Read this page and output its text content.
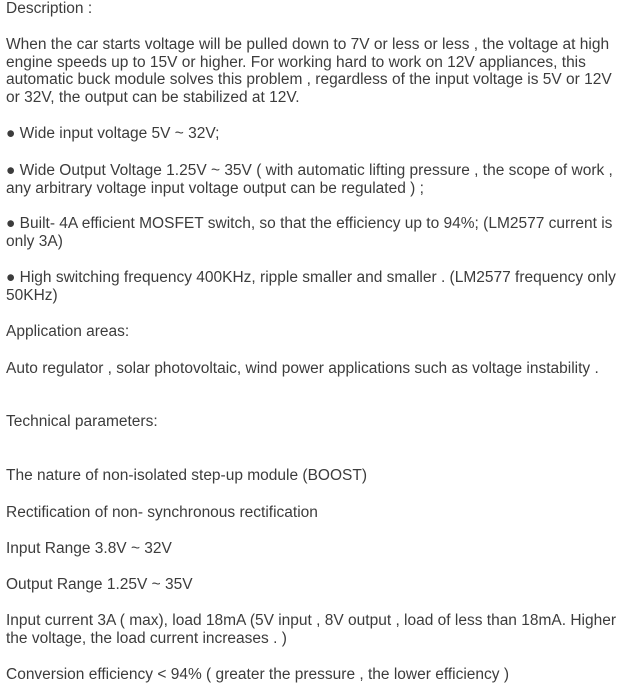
Description :

When the car starts voltage will be pulled down to 7V or less or less , the voltage at high engine speeds up to 15V or higher. For working hard to work on 12V appliances, this automatic buck module solves this problem , regardless of the input voltage is 5V or 12V or 32V, the output can be stabilized at 12V.

● Wide input voltage 5V ~ 32V;

● Wide Output Voltage 1.25V ~ 35V ( with automatic lifting pressure , the scope of work , any arbitrary voltage input voltage output can be regulated ) ;

● Built- 4A efficient MOSFET switch, so that the efficiency up to 94%; (LM2577 current is only 3A)

● High switching frequency 400KHz, ripple smaller and smaller . (LM2577 frequency only 50KHz)

Application areas:

Auto regulator , solar photovoltaic, wind power applications such as voltage instability .

Technical parameters:

The nature of non-isolated step-up module (BOOST)

Rectification of non- synchronous rectification

Input Range 3.8V ~ 32V

Output Range 1.25V ~ 35V

Input current 3A ( max), load 18mA (5V input , 8V output , load of less than 18mA. Higher the voltage, the load current increases . )

Conversion efficiency < 94% ( greater the pressure , the lower efficiency )
